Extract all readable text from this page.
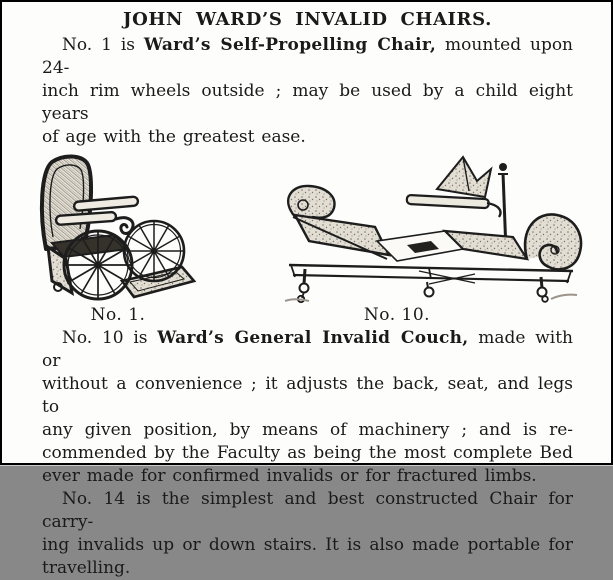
JOHN WARD’S INVALID CHAIRS.
No. 1 is Ward’s Self-Propelling Chair, mounted upon 24-
inch rim wheels outside ; may be used by a child eight years
of age with the greatest ease.
No. 1.	No. 10.
No. 10 is Ward’s General Invalid Couch, made with or
without a convenience ; it adjusts the back, seat, and legs to
any given position, by means of machinery ; and is re-
commended by the Faculty as being the most complete Bed
ever made for confirmed invalids or for fractured limbs.
No. 14 is the simplest and best constructed Chair for carry-
ing invalids up or down stairs. It is also made portable for
travelling.
